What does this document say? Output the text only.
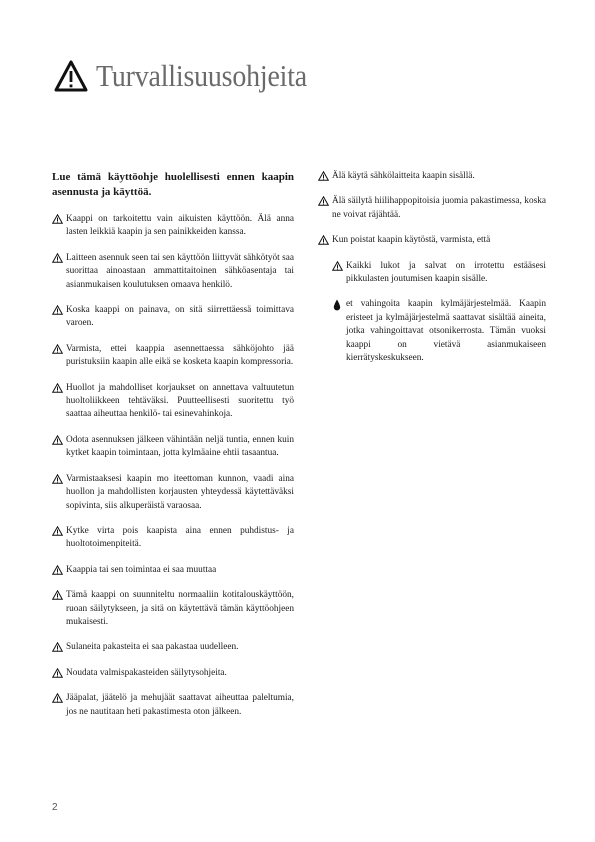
Turvallisuusohjeita
Lue tämä käyttöohje huolellisesti ennen kaapin asennusta ja käyttöä.
Kaappi on tarkoitettu vain aikuisten käyttöön. Älä anna lasten leikkiä kaapin ja sen painikkeiden kanssa.
Laitteen asennuk seen tai sen käyttöön liittyvät sähkötyöt saa suorittaa ainoastaan ammattitaitoinen sähköasentaja tai asianmukaisen koulutuksen omaava henkilö.
Koska kaappi on painava, on sitä siirrettäessä toimittava varoen.
Varmista, ettei kaappia asennettaessa sähköjohto jää puristuksiin kaapin alle eikä se kosketa kaapin kompressoria.
Huollot ja mahdolliset korjaukset on annettava valtuutetun huoltoliikkeen tehtäväksi. Puutteellisesti suoritettu työ saattaa aiheuttaa henkilö- tai esinevahinkoja.
Odota asennuksen jälkeen vähintään neljä tuntia, ennen kuin kytket kaapin toimintaan, jotta kylmäaine ehtii tasaantua.
Varmistaaksesi kaapin mo iteettoman kunnon, vaadi aina huollon ja mahdollisten korjausten yhteydessä käytettäväksi sopivinta, siis alkuperäistä varaosaa.
Kytke virta pois kaapista aina ennen puhdistus- ja huoltotoimenpiteitä.
Kaappia tai sen toimintaa ei saa muuttaa
Tämä kaappi on suunniteltu normaaliin kotitalouskäyttöön, ruoan säilytykseen, ja sitä on käytettävä tämän käyttöohjeen mukaisesti.
Sulaneita pakasteita ei saa pakastaa uudelleen.
Noudata valmispakasteiden säilytysohjeita.
Jääpalat, jäätelö ja mehujäät saattavat aiheuttaa paleltumia, jos ne nautitaan heti pakastimesta oton jälkeen.
Älä käytä sähkölaitteita kaapin sisällä.
Älä säilytä hiilihappopitoisia juomia pakastimessa, koska ne voivat räjähtää.
Kun poistat kaapin käytöstä, varmista, että
Kaikki lukot ja salvat on irrotettu estääsesi pikkulasten joutumisen kaapin sisälle.
et vahingoita kaapin kylmäjärjestelmää. Kaapin eristeet ja kylmäjärjestelmä saattavat sisältää aineita, jotka vahingoittavat otsonikerrosta. Tämän vuoksi kaappi on vietävä asianmukaiseen kierrätyskeskukseen.
2
